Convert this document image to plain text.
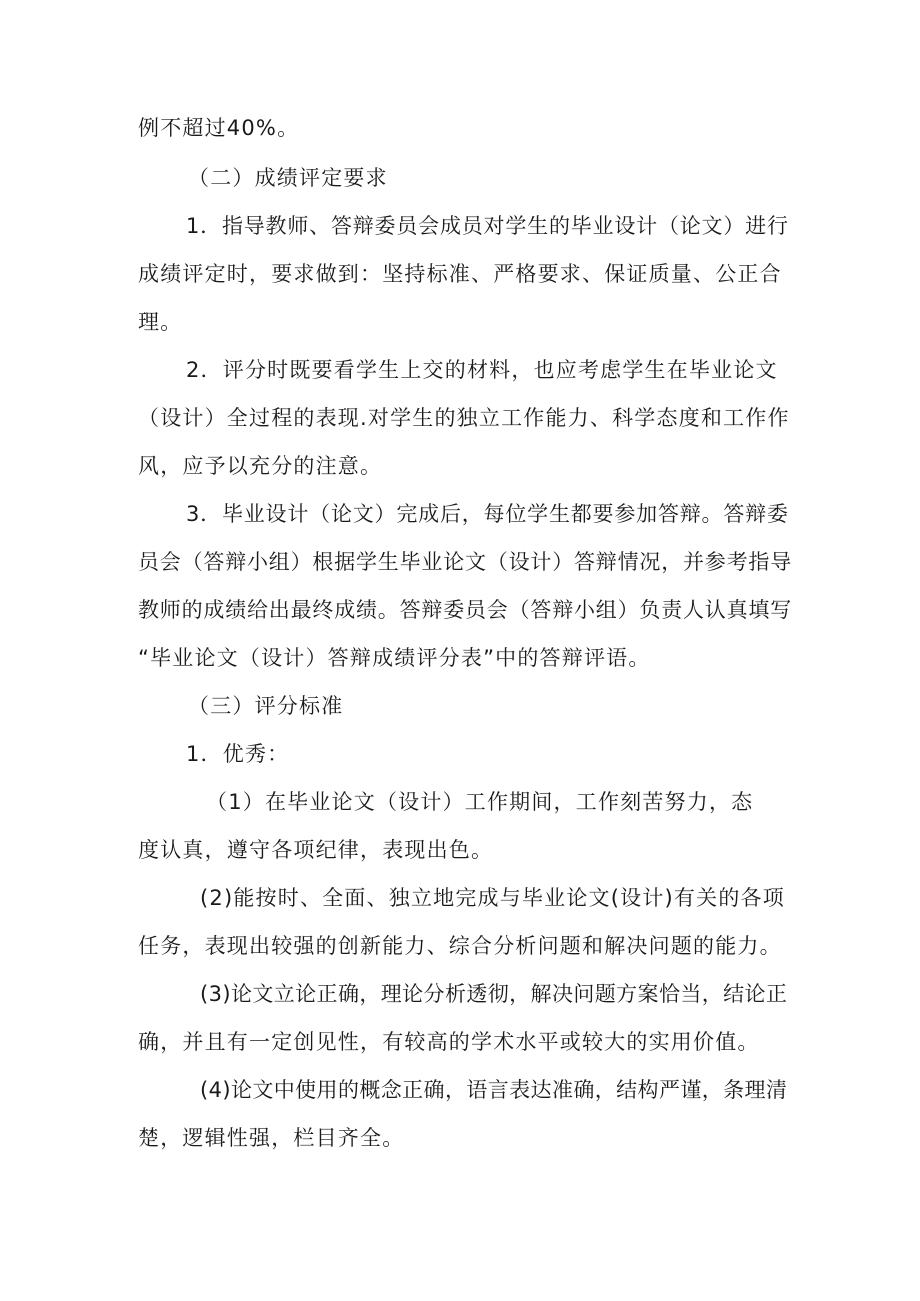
例不超过40%。
（二）成绩评定要求
1．指导教师、答辩委员会成员对学生的毕业设计（论文）进行
成绩评定时，要求做到：坚持标准、严格要求、保证质量、公正合
理。
2．评分时既要看学生上交的材料，也应考虑学生在毕业论文
（设计）全过程的表现.对学生的独立工作能力、科学态度和工作作
风，应予以充分的注意。
3．毕业设计（论文）完成后，每位学生都要参加答辩。答辩委
员会（答辩小组）根据学生毕业论文（设计）答辩情况，并参考指导
教师的成绩给出最终成绩。答辩委员会（答辩小组）负责人认真填写
“毕业论文（设计）答辩成绩评分表”中的答辩评语。
（三）评分标准
1．优秀：
（1）在毕业论文（设计）工作期间，工作刻苦努力，态
度认真，遵守各项纪律，表现出色。
(2)能按时、全面、独立地完成与毕业论文(设计)有关的各项
任务，表现出较强的创新能力、综合分析问题和解决问题的能力。
(3)论文立论正确，理论分析透彻，解决问题方案恰当，结论正
确，并且有一定创见性，有较高的学术水平或较大的实用价值。
(4)论文中使用的概念正确，语言表达准确，结构严谨，条理清
楚，逻辑性强，栏目齐全。
